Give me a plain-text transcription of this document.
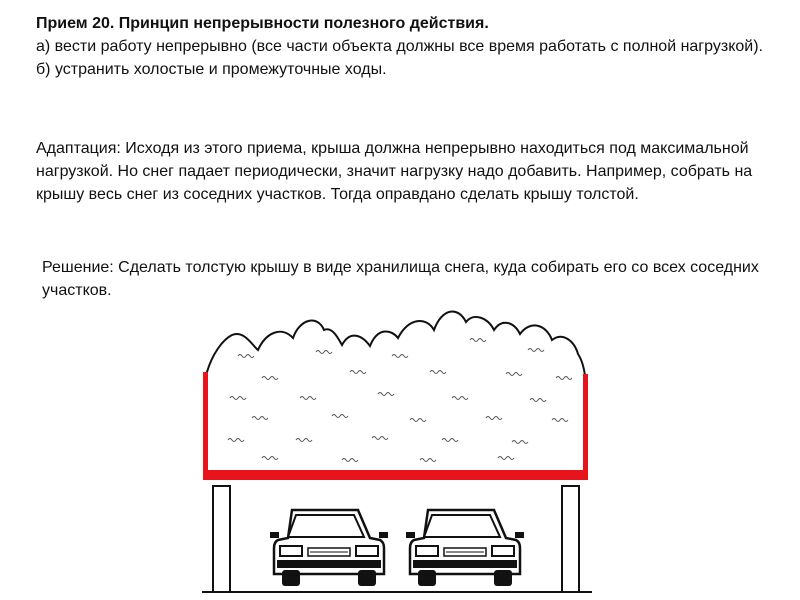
Прием 20. Принцип непрерывности полезного действия.

а) вести работу непрерывно (все части объекта должны все время работать с полной нагрузкой).

б) устранить холостые и промежуточные ходы.

Адаптация: Исходя из этого приема, крыша должна непрерывно находиться под максимальной нагрузкой. Но снег падает периодически, значит нагрузку надо добавить. Например, собрать на крышу весь снег из соседних участков. Тогда оправдано сделать крышу толстой.

Решение: Сделать толстую крышу в виде хранилища снега, куда собирать его со всех соседних участков.
